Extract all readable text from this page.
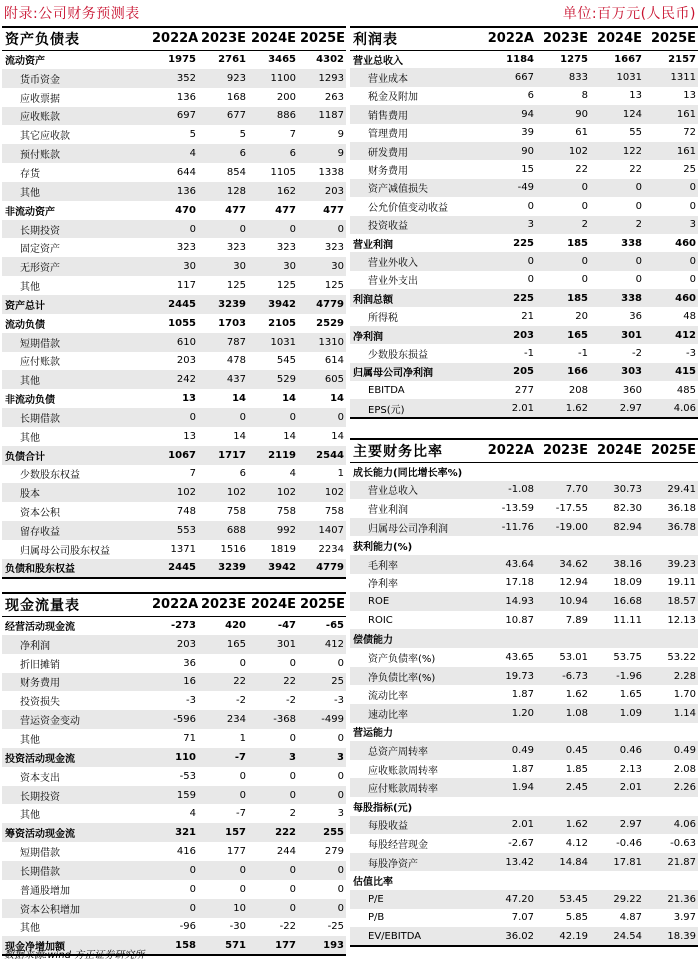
附录:公司财务预测表	单位:百万元(人民币)
资产负债表	2022A	2023E	2024E	2025E
流动资产	1975	2761	3465	4302
货币资金	352	923	1100	1293
应收票据	136	168	200	263
应收账款	697	677	886	1187
其它应收款	5	5	7	9
预付账款	4	6	6	9
存货	644	854	1105	1338
其他	136	128	162	203
非流动资产	470	477	477	477
长期投资	0	0	0	0
固定资产	323	323	323	323
无形资产	30	30	30	30
其他	117	125	125	125
资产总计	2445	3239	3942	4779
流动负债	1055	1703	2105	2529
短期借款	610	787	1031	1310
应付账款	203	478	545	614
其他	242	437	529	605
非流动负债	13	14	14	14
长期借款	0	0	0	0
其他	13	14	14	14
负债合计	1067	1717	2119	2544
少数股东权益	7	6	4	1
股本	102	102	102	102
资本公积	748	758	758	758
留存收益	553	688	992	1407
归属母公司股东权益	1371	1516	1819	2234
负债和股东权益	2445	3239	3942	4779
现金流量表	2022A	2023E	2024E	2025E
经营活动现金流	-273	420	-47	-65
净利润	203	165	301	412
折旧摊销	36	0	0	0
财务费用	16	22	22	25
投资损失	-3	-2	-2	-3
营运资金变动	-596	234	-368	-499
其他	71	1	0	0
投资活动现金流	110	-7	3	3
资本支出	-53	0	0	0
长期投资	159	0	0	0
其他	4	-7	2	3
筹资活动现金流	321	157	222	255
短期借款	416	177	244	279
长期借款	0	0	0	0
普通股增加	0	0	0	0
资本公积增加	0	10	0	0
其他	-96	-30	-22	-25
现金净增加额	158	571	177	193
利润表	2022A	2023E	2024E	2025E
营业总收入	1184	1275	1667	2157
营业成本	667	833	1031	1311
税金及附加	6	8	13	13
销售费用	94	90	124	161
管理费用	39	61	55	72
研发费用	90	102	122	161
财务费用	15	22	22	25
资产减值损失	-49	0	0	0
公允价值变动收益	0	0	0	0
投资收益	3	2	2	3
营业利润	225	185	338	460
营业外收入	0	0	0	0
营业外支出	0	0	0	0
利润总额	225	185	338	460
所得税	21	20	36	48
净利润	203	165	301	412
少数股东损益	-1	-1	-2	-3
归属母公司净利润	205	166	303	415
EBITDA	277	208	360	485
EPS(元)	2.01	1.62	2.97	4.06
主要财务比率	2022A	2023E	2024E	2025E
成长能力(同比增长率%)				
营业总收入	-1.08	7.70	30.73	29.41
营业利润	-13.59	-17.55	82.30	36.18
归属母公司净利润	-11.76	-19.00	82.94	36.78
获利能力(%)				
毛利率	43.64	34.62	38.16	39.23
净利率	17.18	12.94	18.09	19.11
ROE	14.93	10.94	16.68	18.57
ROIC	10.87	7.89	11.11	12.13
偿债能力				
资产负债率(%)	43.65	53.01	53.75	53.22
净负债比率(%)	19.73	-6.73	-1.96	2.28
流动比率	1.87	1.62	1.65	1.70
速动比率	1.20	1.08	1.09	1.14
营运能力				
总资产周转率	0.49	0.45	0.46	0.49
应收账款周转率	1.87	1.85	2.13	2.08
应付账款周转率	1.94	2.45	2.01	2.26
每股指标(元)				
每股收益	2.01	1.62	2.97	4.06
每股经营现金	-2.67	4.12	-0.46	-0.63
每股净资产	13.42	14.84	17.81	21.87
估值比率				
P/E	47.20	53.45	29.22	21.36
P/B	7.07	5.85	4.87	3.97
EV/EBITDA	36.02	42.19	24.54	18.39
数据来源:wind 方正证券研究所
